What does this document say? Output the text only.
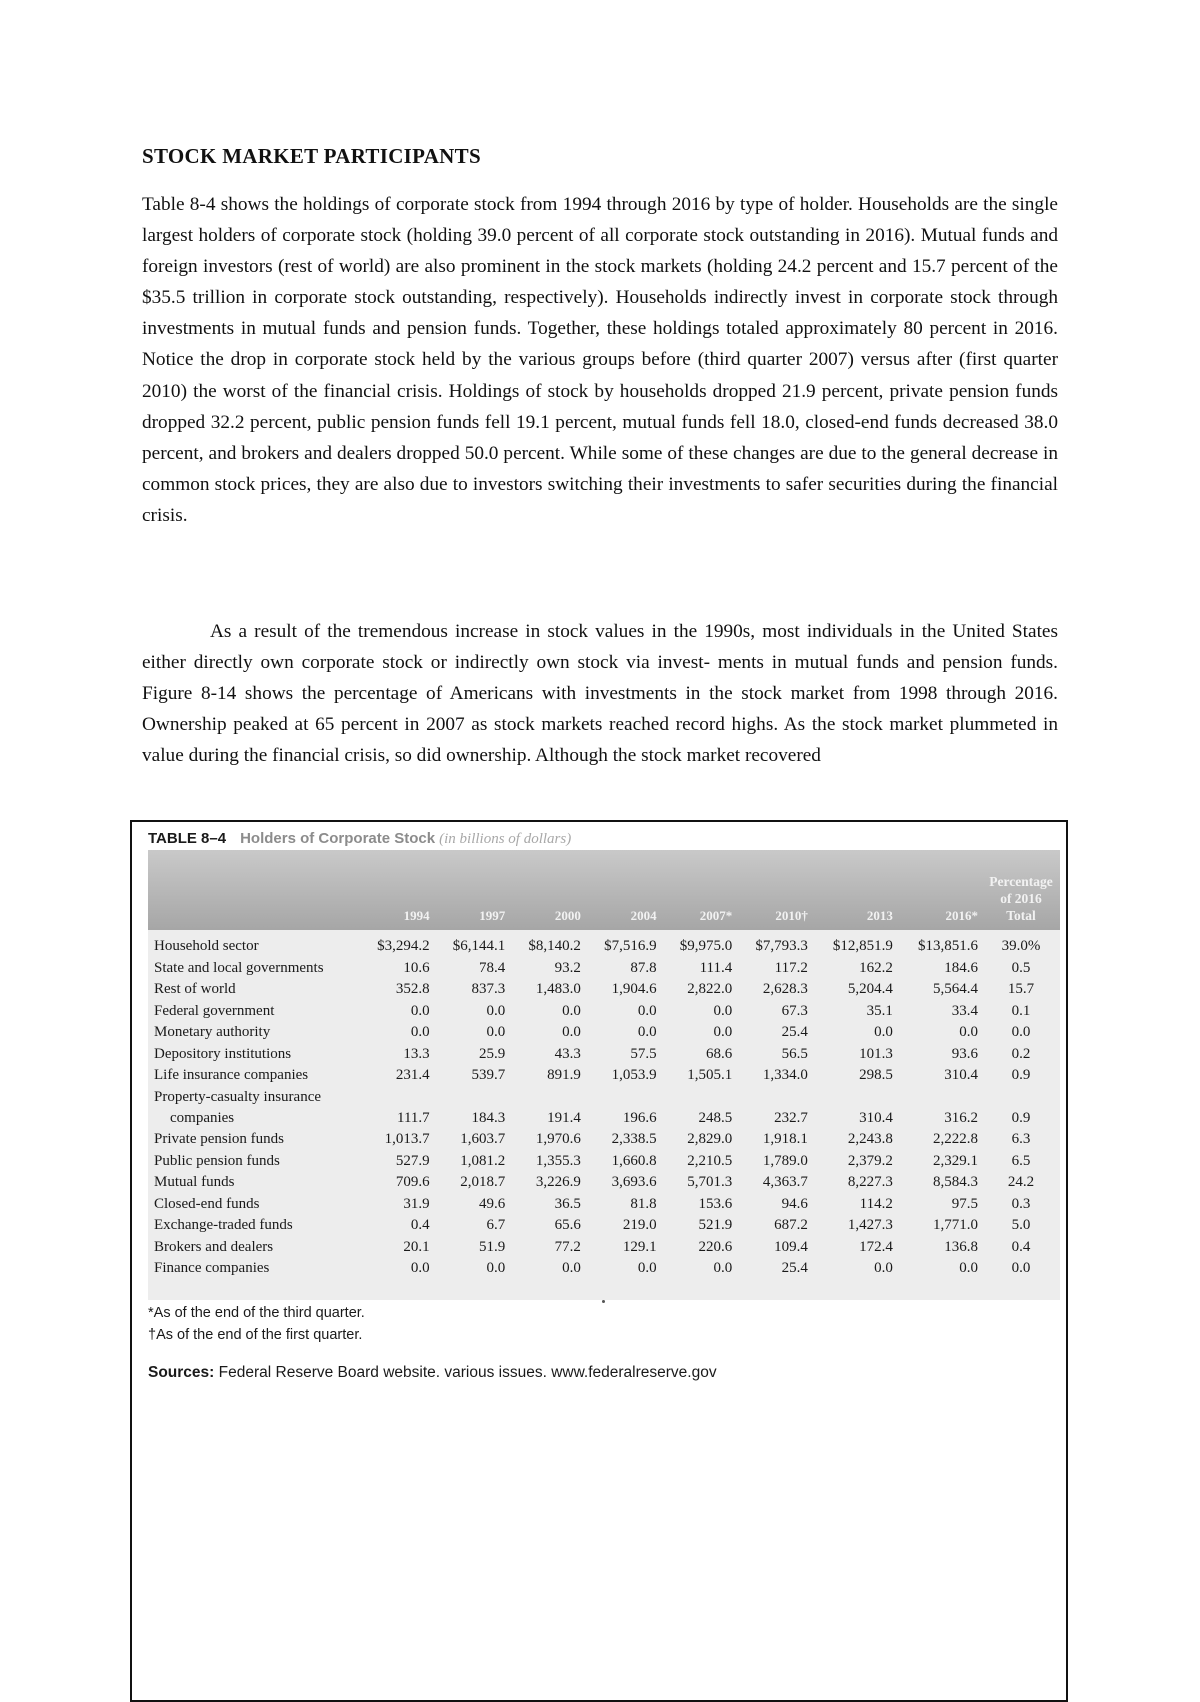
STOCK MARKET PARTICIPANTS

Table 8-4 shows the holdings of corporate stock from 1994 through 2016 by type of holder. Households are the single largest holders of corporate stock (holding 39.0 percent of all corporate stock outstanding in 2016). Mutual funds and foreign investors (rest of world) are also prominent in the stock markets (holding 24.2 percent and 15.7 percent of the $35.5 trillion in corporate stock outstanding, respectively). Households indirectly invest in corporate stock through investments in mutual funds and pension funds. Together, these holdings totaled approximately 80 percent in 2016. Notice the drop in corporate stock held by the various groups before (third quarter 2007) versus after (first quarter 2010) the worst of the financial crisis. Holdings of stock by households dropped 21.9 percent, private pension funds dropped 32.2 percent, public pension funds fell 19.1 percent, mutual funds fell 18.0, closed-end funds decreased 38.0 percent, and brokers and dealers dropped 50.0 percent. While some of these changes are due to the general decrease in common stock prices, they are also due to investors switching their investments to safer securities during the financial crisis.

As a result of the tremendous increase in stock values in the 1990s, most individuals in the United States either directly own corporate stock or indirectly own stock via invest- ments in mutual funds and pension funds. Figure 8-14 shows the percentage of Americans with investments in the stock market from 1998 through 2016. Ownership peaked at 65 percent in 2007 as stock markets reached record highs. As the stock market plummeted in value during the financial crisis, so did ownership. Although the stock market recovered

TABLE 8–4 Holders of Corporate Stock (in billions of dollars)
	1994	1997	2000	2004	2007*	2010†	2013	2016*	Percentage of 2016 Total
Household sector	$3,294.2	$6,144.1	$8,140.2	$7,516.9	$9,975.0	$7,793.3	$12,851.9	$13,851.6	39.0%
State and local governments	10.6	78.4	93.2	87.8	111.4	117.2	162.2	184.6	0.5
Rest of world	352.8	837.3	1,483.0	1,904.6	2,822.0	2,628.3	5,204.4	5,564.4	15.7
Federal government	0.0	0.0	0.0	0.0	0.0	67.3	35.1	33.4	0.1
Monetary authority	0.0	0.0	0.0	0.0	0.0	25.4	0.0	0.0	0.0
Depository institutions	13.3	25.9	43.3	57.5	68.6	56.5	101.3	93.6	0.2
Life insurance companies	231.4	539.7	891.9	1,053.9	1,505.1	1,334.0	298.5	310.4	0.9
Property-casualty insurance									
companies	111.7	184.3	191.4	196.6	248.5	232.7	310.4	316.2	0.9
Private pension funds	1,013.7	1,603.7	1,970.6	2,338.5	2,829.0	1,918.1	2,243.8	2,222.8	6.3
Public pension funds	527.9	1,081.2	1,355.3	1,660.8	2,210.5	1,789.0	2,379.2	2,329.1	6.5
Mutual funds	709.6	2,018.7	3,226.9	3,693.6	5,701.3	4,363.7	8,227.3	8,584.3	24.2
Closed-end funds	31.9	49.6	36.5	81.8	153.6	94.6	114.2	97.5	0.3
Exchange-traded funds	0.4	6.7	65.6	219.0	521.9	687.2	1,427.3	1,771.0	5.0
Brokers and dealers	20.1	51.9	77.2	129.1	220.6	109.4	172.4	136.8	0.4
Finance companies	0.0	0.0	0.0	0.0	0.0	25.4	0.0	0.0	0.0
*As of the end of the third quarter.
†As of the end of the first quarter.
Sources: Federal Reserve Board website. various issues. www.federalreserve.gov
